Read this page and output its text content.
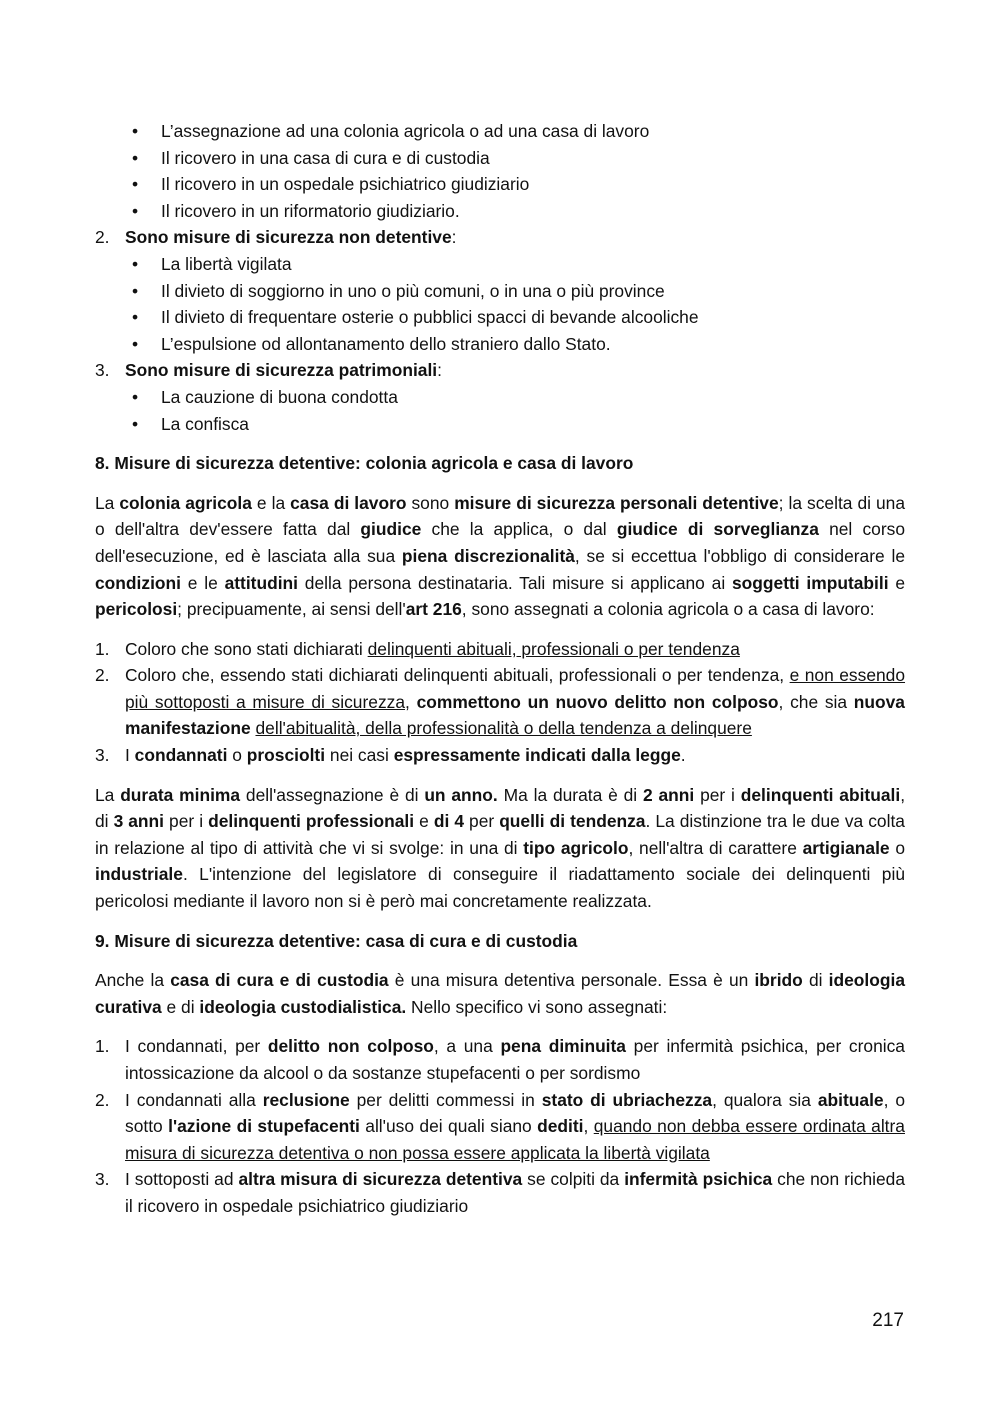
• L’assegnazione ad una colonia agricola o ad una casa di lavoro
• Il ricovero in una casa di cura e di custodia
• Il ricovero in un ospedale psichiatrico giudiziario
• Il ricovero in un riformatorio giudiziario.
2. Sono misure di sicurezza non detentive:
• La libertà vigilata
• Il divieto di soggiorno in uno o più comuni, o in una o più province
• Il divieto di frequentare osterie o pubblici spacci di bevande alcooliche
• L’espulsione od allontanamento dello straniero dallo Stato.
3. Sono misure di sicurezza patrimoniali:
• La cauzione di buona condotta
• La confisca

8. Misure di sicurezza detentive: colonia agricola e casa di lavoro

La colonia agricola e la casa di lavoro sono misure di sicurezza personali detentive; la scelta di una o dell'altra dev'essere fatta dal giudice che la applica, o dal giudice di sorveglianza nel corso dell'esecuzione, ed è lasciata alla sua piena discrezionalità, se si eccettua l'obbligo di considerare le condizioni e le attitudini della persona destinataria. Tali misure si applicano ai soggetti imputabili e pericolosi; precipuamente, ai sensi dell'art 216, sono assegnati a colonia agricola o a casa di lavoro:

1. Coloro che sono stati dichiarati delinquenti abituali, professionali o per tendenza
2. Coloro che, essendo stati dichiarati delinquenti abituali, professionali o per tendenza, e non essendo più sottoposti a misure di sicurezza, commettono un nuovo delitto non colposo, che sia nuova manifestazione dell'abitualità, della professionalità o della tendenza a delinquere
3. I condannati o prosciolti nei casi espressamente indicati dalla legge.

La durata minima dell'assegnazione è di un anno. Ma la durata è di 2 anni per i delinquenti abituali, di 3 anni per i delinquenti professionali e di 4 per quelli di tendenza. La distinzione tra le due va colta in relazione al tipo di attività che vi si svolge: in una di tipo agricolo, nell'altra di carattere artigianale o industriale. L'intenzione del legislatore di conseguire il riadattamento sociale dei delinquenti più pericolosi mediante il lavoro non si è però mai concretamente realizzata.

9. Misure di sicurezza detentive: casa di cura e di custodia

Anche la casa di cura e di custodia è una misura detentiva personale. Essa è un ibrido di ideologia curativa e di ideologia custodialistica. Nello specifico vi sono assegnati:

1. I condannati, per delitto non colposo, a una pena diminuita per infermità psichica, per cronica intossicazione da alcool o da sostanze stupefacenti o per sordismo
2. I condannati alla reclusione per delitti commessi in stato di ubriachezza, qualora sia abituale, o sotto l'azione di stupefacenti all'uso dei quali siano dediti, quando non debba essere ordinata altra misura di sicurezza detentiva o non possa essere applicata la libertà vigilata
3. I sottoposti ad altra misura di sicurezza detentiva se colpiti da infermità psichica che non richieda il ricovero in ospedale psichiatrico giudiziario
217
